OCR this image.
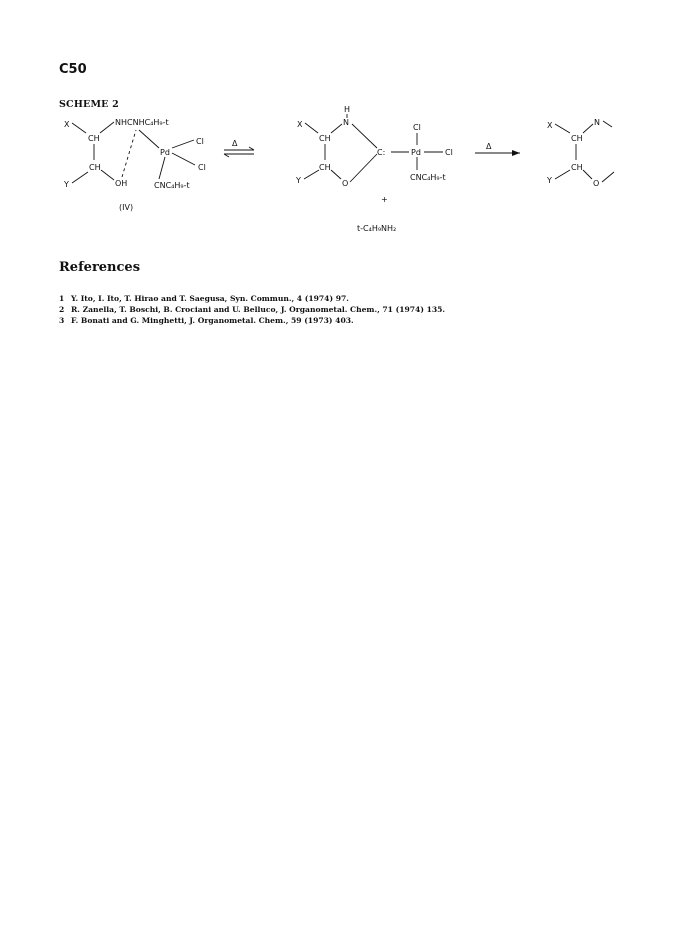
C50
SCHEME 2
X
CH
NHCNHC₄H₉-t
CH
Y	OH
Pd
Cl
Cl
CNC₄H₉-t
(IV)
Δ
H
N
X
CH
CH
Y	O
C:	Pd
Cl
Cl
CNC₄H₉-t
+
t-C₄H₉NH₂
Δ
X	N
CH
CH
Y	O
References
1 Y. Ito, I. Ito, T. Hirao and T. Saegusa, Syn. Commun., 4 (1974) 97.
2 R. Zanella, T. Boschi, B. Crociani and U. Belluco, J. Organometal. Chem., 71 (1974) 135.
3 F. Bonati and G. Minghetti, J. Organometal. Chem., 59 (1973) 403.
